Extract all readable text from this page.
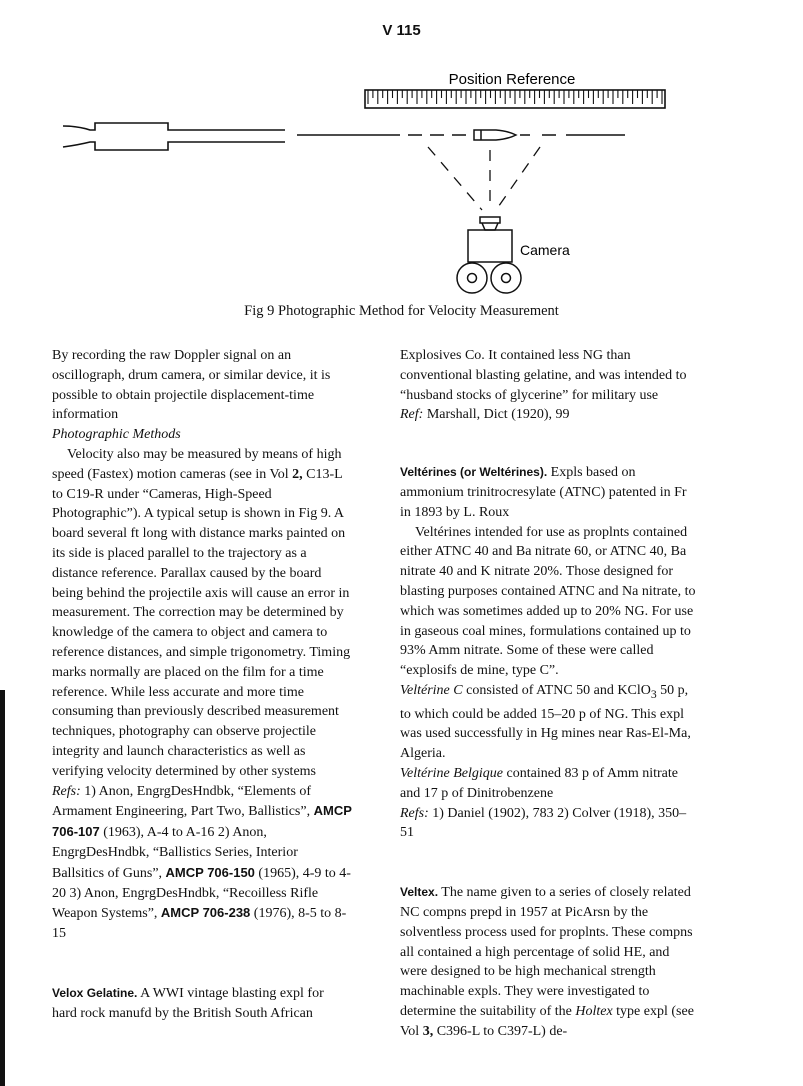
V 115
Position Reference
Camera
Fig 9 Photographic Method for Velocity Measurement

By recording the raw Doppler signal on an oscillograph, drum camera, or similar device, it is possible to obtain projectile displacement-time information

Photographic Methods

Velocity also may be measured by means of high speed (Fastex) motion cameras (see in Vol 2, C13-L to C19-R under “Cameras, High-Speed Photographic”). A typical setup is shown in Fig 9. A board several ft long with distance marks painted on its side is placed parallel to the trajectory as a distance reference. Parallax caused by the board being behind the projectile axis will cause an error in measurement. The correction may be determined by knowledge of the camera to object and camera to reference distances, and simple trigonometry. Timing marks normally are placed on the film for a time reference. While less accurate and more time consuming than previously described measurement techniques, photography can observe projectile integrity and launch characteristics as well as verifying velocity determined by other systems

Refs: 1) Anon, EngrgDesHndbk, “Elements of Armament Engineering, Part Two, Ballistics”, AMCP 706-107 (1963), A-4 to A-16 2) Anon, EngrgDesHndbk, “Ballistics Series, Interior Ballsitics of Guns”, AMCP 706-150 (1965), 4-9 to 4-20 3) Anon, EngrgDesHndbk, “Recoilless Rifle Weapon Systems”, AMCP 706-238 (1976), 8-5 to 8-15

Velox Gelatine. A WWI vintage blasting expl for hard rock manufd by the British South African

Explosives Co. It contained less NG than conventional blasting gelatine, and was intended to “husband stocks of glycerine” for military use

Ref: Marshall, Dict (1920), 99

Veltérines (or Weltérines). Expls based on ammonium trinitrocresylate (ATNC) patented in Fr in 1893 by L. Roux

Veltérines intended for use as proplnts contained either ATNC 40 and Ba nitrate 60, or ATNC 40, Ba nitrate 40 and K nitrate 20%. Those designed for blasting purposes contained ATNC and Na nitrate, to which was sometimes added up to 20% NG. For use in gaseous coal mines, formulations contained up to 93% Amm nitrate. Some of these were called “explosifs de mine, type C”.

Veltérine C consisted of ATNC 50 and KClO$_3$ 50 p, to which could be added 15–20 p of NG. This expl was used successfully in Hg mines near Ras-El-Ma, Algeria.

Veltérine Belgique contained 83 p of Amm nitrate and 17 p of Dinitrobenzene

Refs: 1) Daniel (1902), 783 2) Colver (1918), 350–51

Veltex. The name given to a series of closely related NC compns prepd in 1957 at PicArsn by the solventless process used for proplnts. These compns all contained a high percentage of solid HE, and were designed to be high mechanical strength machinable expls. They were investigated to determine the suitability of the Holtex type expl (see Vol 3, C396-L to C397-L) de-
